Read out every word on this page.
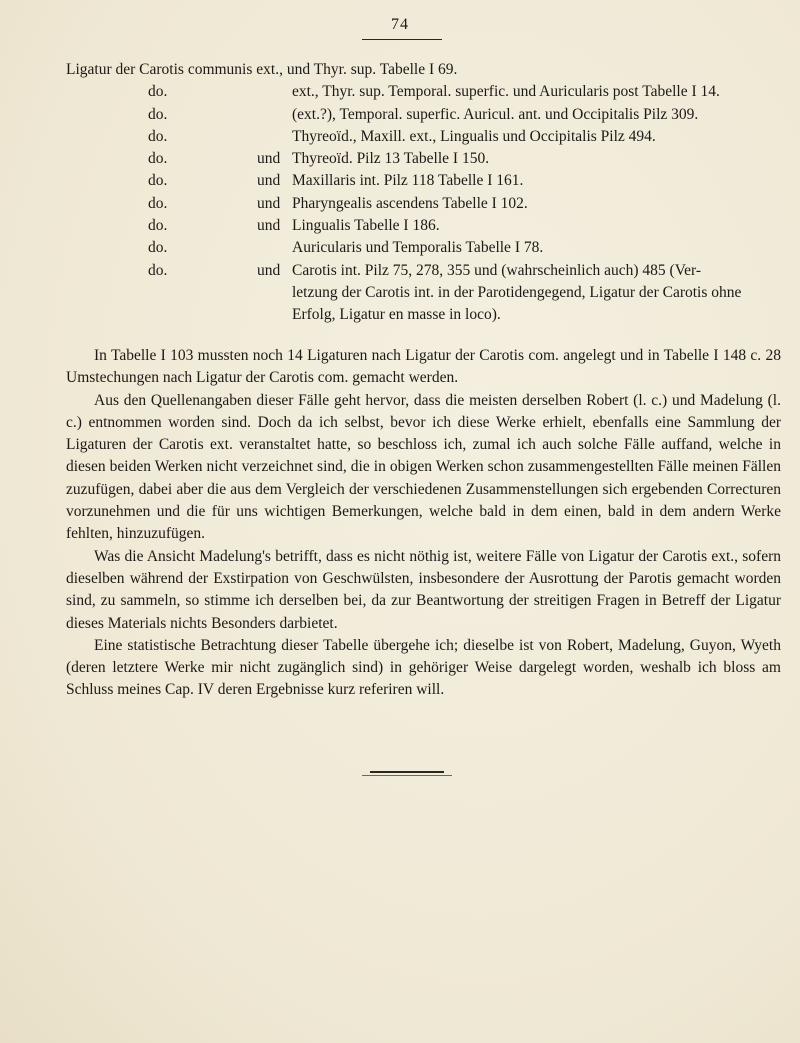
74
Ligatur der Carotis communis ext., und Thyr. sup. Tabelle I 69.
do.	ext., Thyr. sup. Temporal. superfic. und Auricularis post Tabelle I 14.
do.	(ext.?), Temporal. superfic. Auricul. ant. und Occipitalis Pilz 309.
do.	Thyreoïd., Maxill. ext., Lingualis und Occipitalis Pilz 494.
do.	und Thyreoïd. Pilz 13 Tabelle I 150.
do.	und Maxillaris int. Pilz 118 Tabelle I 161.
do.	und Pharyngealis ascendens Tabelle I 102.
do.	und Lingualis Tabelle I 186.
do.	Auricularis und Temporalis Tabelle I 78.
do.	und Carotis int. Pilz 75, 278, 355 und (wahrscheinlich auch) 485 (Ver-
letzung der Carotis int. in der Parotidengegend, Ligatur der Carotis ohne
Erfolg, Ligatur en masse in loco).

In Tabelle I 103 mussten noch 14 Ligaturen nach Ligatur der Carotis com. angelegt und in Tabelle I 148 c. 28 Umstechungen nach Ligatur der Carotis com. gemacht werden.

Aus den Quellenangaben dieser Fälle geht hervor, dass die meisten derselben Robert (l. c.) und Madelung (l. c.) entnommen worden sind. Doch da ich selbst, bevor ich diese Werke erhielt, ebenfalls eine Sammlung der Ligaturen der Carotis ext. veranstaltet hatte, so beschloss ich, zumal ich auch solche Fälle auffand, welche in diesen beiden Werken nicht verzeichnet sind, die in obigen Werken schon zusammengestellten Fälle meinen Fällen zuzufügen, dabei aber die aus dem Vergleich der verschiedenen Zusammenstellungen sich ergebenden Correcturen vorzunehmen und die für uns wichtigen Bemerkungen, welche bald in dem einen, bald in dem andern Werke fehlten, hinzuzufügen.

Was die Ansicht Madelung's betrifft, dass es nicht nöthig ist, weitere Fälle von Ligatur der Carotis ext., sofern dieselben während der Exstirpation von Geschwülsten, insbesondere der Ausrottung der Parotis gemacht worden sind, zu sammeln, so stimme ich derselben bei, da zur Beantwortung der streitigen Fragen in Betreff der Ligatur dieses Materials nichts Besonders darbietet.

Eine statistische Betrachtung dieser Tabelle übergehe ich; dieselbe ist von Robert, Madelung, Guyon, Wyeth (deren letztere Werke mir nicht zugänglich sind) in gehöriger Weise dargelegt worden, weshalb ich bloss am Schluss meines Cap. IV deren Ergebnisse kurz referiren will.
